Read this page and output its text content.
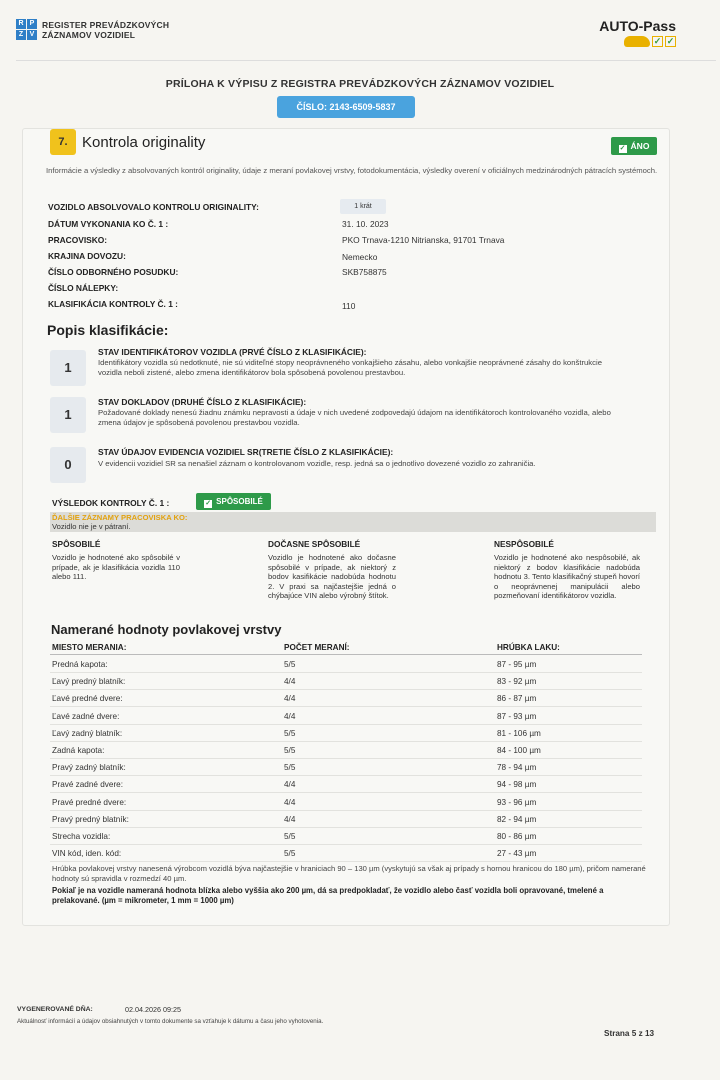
R P
Z V
REGISTER PREVÁDZKOVÝCH
ZÁZNAMOV VOZIDIEL
AUTO-Pass
✓ ✓
PRÍLOHA K VÝPISU Z REGISTRA PREVÁDZKOVÝCH ZÁZNAMOV VOZIDIEL
ČÍSLO: 2143-6509-5837
7. Kontrola originality	✓ ÁNO
Informácie a výsledky z absolvovaných kontról originality, údaje z meraní povlakovej vrstvy, fotodokumentácia, výsledky overení v oficiálnych medzinárodných pátracích systémoch.
VOZIDLO ABSOLVOVALO KONTROLU ORIGINALITY:	1 krát
DÁTUM VYKONANIA KO Č. 1 :	31. 10. 2023
PRACOVISKO:	PKO Trnava-1210 Nitrianska, 91701 Trnava
KRAJINA DOVOZU:	Nemecko
ČÍSLO ODBORNÉHO POSUDKU:	SKB758875
ČÍSLO NÁLEPKY:
KLASIFIKÁCIA KONTROLY Č. 1 :	110
Popis klasifikácie:
1
STAV IDENTIFIKÁTOROV VOZIDLA (PRVÉ ČÍSLO Z KLASIFIKÁCIE):
Identifikátory vozidla sú nedotknuté, nie sú viditeľné stopy neoprávneného vonkajšieho zásahu, alebo vonkajšie neoprávnené zásahy do konštrukcie vozidla neboli zistené, alebo zmena identifikátorov bola spôsobená povolenou prestavbou.
1
STAV DOKLADOV (DRUHÉ ČÍSLO Z KLASIFIKÁCIE):
Požadované doklady nenesú žiadnu známku nepravosti a údaje v nich uvedené zodpovedajú údajom na identifikátoroch kontrolovaného vozidla, alebo zmena údajov je spôsobená povolenou prestavbou vozidla.
0
STAV ÚDAJOV EVIDENCIA VOZIDIEL SR(TRETIE ČÍSLO Z KLASIFIKÁCIE):
V evidencii vozidiel SR sa nenašiel záznam o kontrolovanom vozidle, resp. jedná sa o jednotlivo dovezené vozidlo zo zahraničia.
VÝSLEDOK KONTROLY Č. 1 :	✓ SPÔSOBILÉ
ĎALŠIE ZÁZNAMY PRACOVISKA KO:
Vozidlo nie je v pátraní.
SPÔSOBILÉ
Vozidlo je hodnotené ako spôsobilé v prípade, ak je klasifikácia vozidla 110 alebo 111.
DOČASNE SPÔSOBILÉ
Vozidlo je hodnotené ako dočasne spôsobilé v prípade, ak niektorý z bodov kasifikácie nadobúda hodnotu 2. V praxi sa najčastejšie jedná o chýbajúce VIN alebo výrobný štítok.
NESPÔSOBILÉ
Vozidlo je hodnotené ako nespôsobilé, ak niektorý z bodov klasifikácie nadobúda hodnotu 3. Tento klasifikačný stupeň hovorí o neoprávnenej manipulácii alebo pozmeňovaní identifikátorov vozidla.
Namerané hodnoty povlakovej vrstvy
MIESTO MERANIA:	POČET MERANÍ:	HRÚBKA LAKU:
Predná kapota:	5/5	87 - 95 µm
Ľavý predný blatník:	4/4	83 - 92 µm
Ľavé predné dvere:	4/4	86 - 87 µm
Ľavé zadné dvere:	4/4	87 - 93 µm
Ľavý zadný blatník:	5/5	81 - 106 µm
Zadná kapota:	5/5	84 - 100 µm
Pravý zadný blatník:	5/5	78 - 94 µm
Pravé zadné dvere:	4/4	94 - 98 µm
Pravé predné dvere:	4/4	93 - 96 µm
Pravý predný blatník:	4/4	82 - 94 µm
Strecha vozidla:	5/5	80 - 86 µm
VIN kód, iden. kód:	5/5	27 - 43 µm
Hrúbka povlakovej vrstvy nanesená výrobcom vozidlá býva najčastejšie v hraniciach 90 – 130 µm (vyskytujú sa však aj prípady s hornou hranicou do 180 µm), pričom namerané hodnoty sú spravidla v rozmedzí 40 µm.
Pokiaľ je na vozidle nameraná hodnota blízka alebo vyššia ako 200 µm, dá sa predpokladať, že vozidlo alebo časť vozidla boli opravované, tmelené a prelakované. (µm = mikrometer, 1 mm = 1000 µm)
VYGENEROVANÉ DŇA:	02.04.2026 09:25
Aktuálnosť informácií a údajov obsiahnutých v tomto dokumente sa vzťahuje k dátumu a času jeho vyhotovenia.
Strana 5 z 13
